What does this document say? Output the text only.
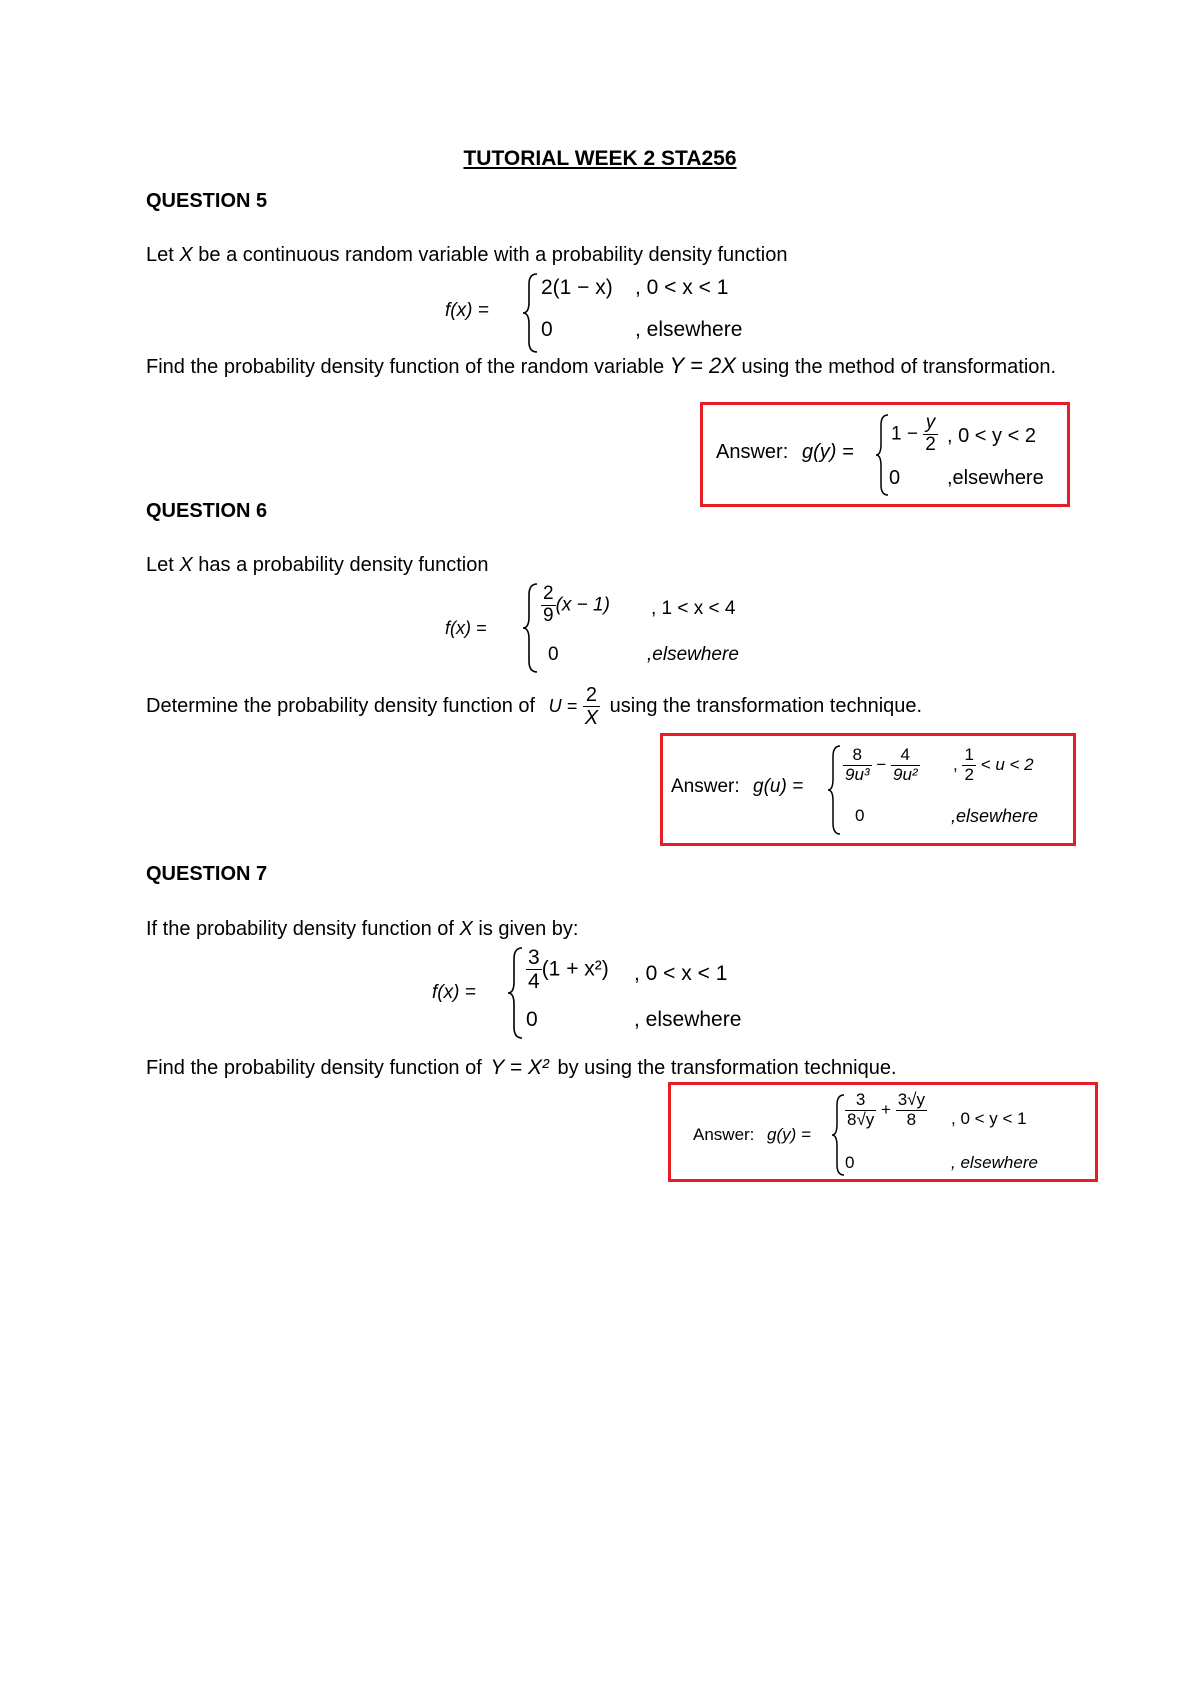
TUTORIAL WEEK 2 STA256
QUESTION 5
Let X be a continuous random variable with a probability density function
f(x) =
2(1 − x) , 0 < x < 1
0	, elsewhere
Find the probability density function of the random variable Y = 2X using the method of transformation.
Answer: g(y) =
$1 - \frac{y}{2}$ , 0 < y < 2
0 ,elsewhere
QUESTION 6
Let X has a probability density function
f(x) =
$\frac{2}{9} (x - 1)$ , 1 < x < 4
0	,elsewhere
Determine the probability density function of $U = \frac{2}{X}$ using the transformation technique.
Answer: g(u) =
$\frac{8}{\text{9u³}} - \frac{4}{\text{9u²}}$ , $\frac{1}{2} < u < 2$
0	,elsewhere
QUESTION 7
If the probability density function of X is given by:
$f(x) = \frac{3}{4} (1 + x^2)$ , 0 < x < 1
0	, elsewhere
Find the probability density function of Y = X² by using the transformation technique.
Answer: g(y) =
$\frac{3}{8√y} + \frac{3√y}{8}$ , 0 < y < 1
0	, elsewhere
